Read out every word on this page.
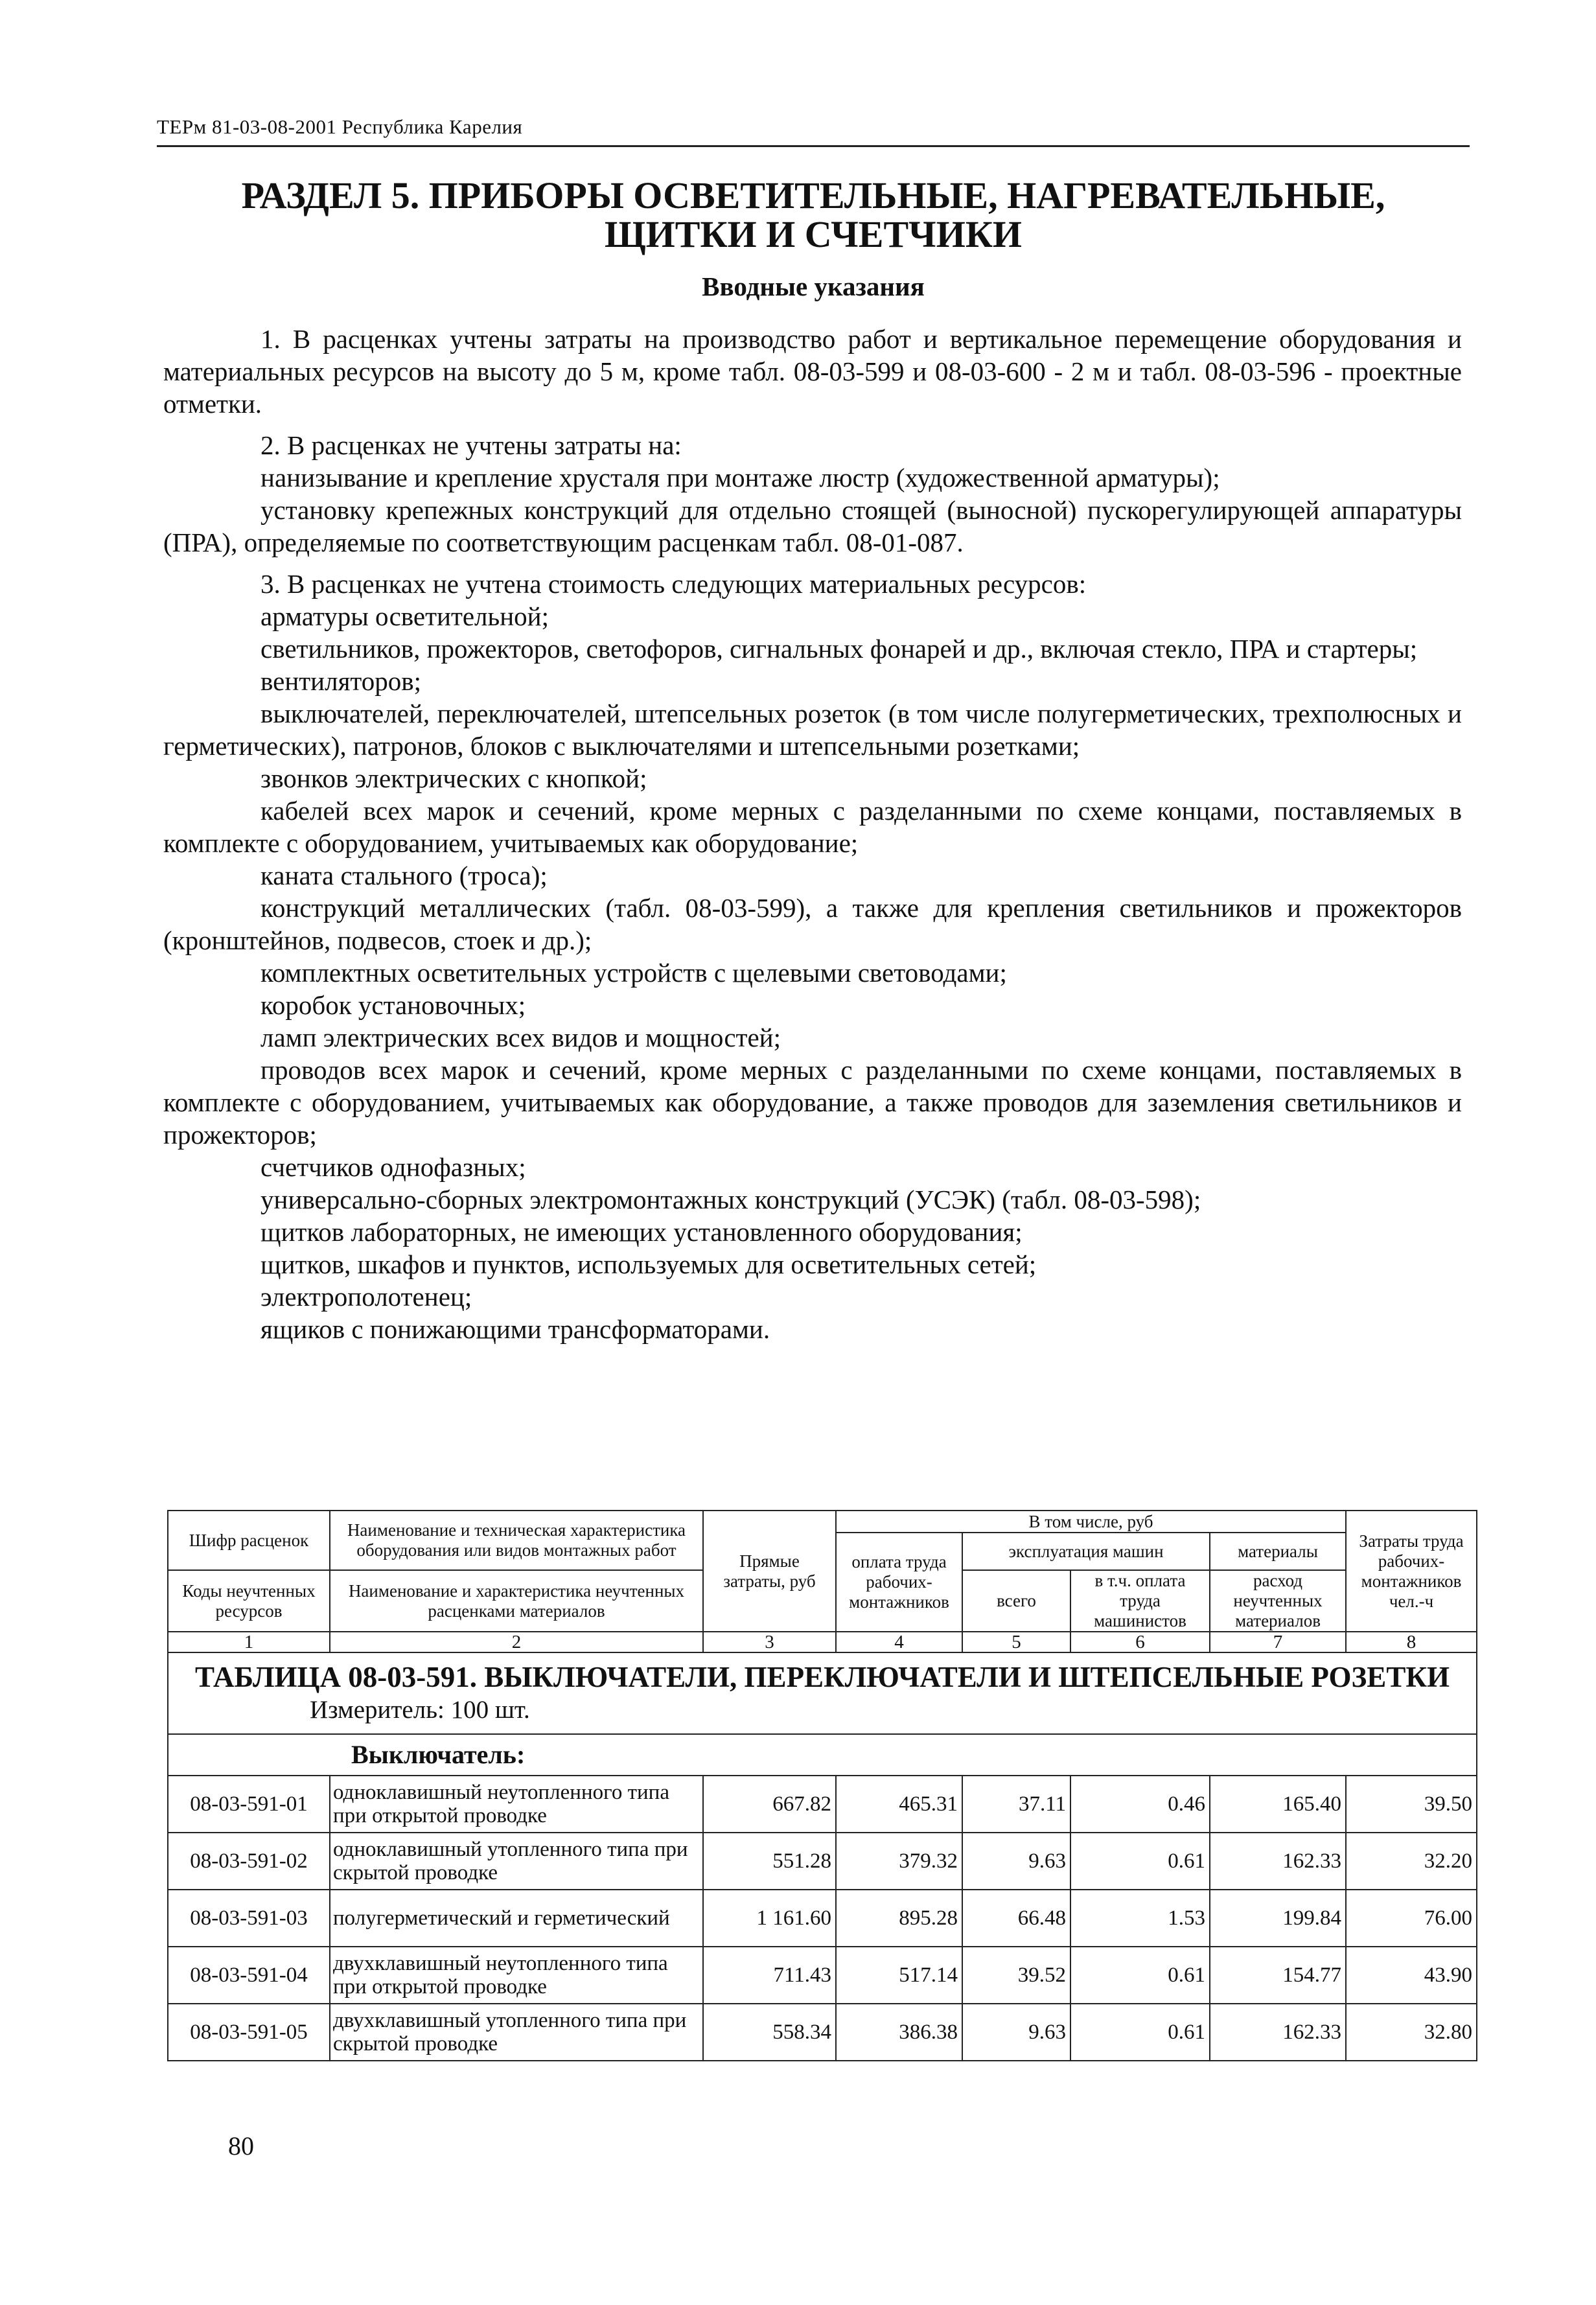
ТЕРм 81-03-08-2001 Республика Карелия
РАЗДЕЛ 5. ПРИБОРЫ ОСВЕТИТЕЛЬНЫЕ, НАГРЕВАТЕЛЬНЫЕ,
ЩИТКИ И СЧЕТЧИКИ
Вводные указания

1. В расценках учтены затраты на производство работ и вертикальное перемещение оборудования и материальных ресурсов на высоту до 5 м, кроме табл. 08-03-599 и 08-03-600 - 2 м и табл. 08-03-596 - проектные отметки.

2. В расценках не учтены затраты на:

нанизывание и крепление хрусталя при монтаже люстр (художественной арматуры);

установку крепежных конструкций для отдельно стоящей (выносной) пускорегулирующей аппаратуры (ПРА), определяемые по соответствующим расценкам табл. 08-01-087.

3. В расценках не учтена стоимость следующих материальных ресурсов:

арматуры осветительной;

светильников, прожекторов, светофоров, сигнальных фонарей и др., включая стекло, ПРА и стартеры;

вентиляторов;

выключателей, переключателей, штепсельных розеток (в том числе полугерметических, трехполюсных и герметических), патронов, блоков с выключателями и штепсельными розетками;

звонков электрических с кнопкой;

кабелей всех марок и сечений, кроме мерных с разделанными по схеме концами, поставляемых в комплекте с оборудованием, учитываемых как оборудование;

каната стального (троса);

конструкций металлических (табл. 08-03-599), а также для крепления светильников и прожекторов (кронштейнов, подвесов, стоек и др.);

комплектных осветительных устройств с щелевыми световодами;

коробок установочных;

ламп электрических всех видов и мощностей;

проводов всех марок и сечений, кроме мерных с разделанными по схеме концами, поставляемых в комплекте с оборудованием, учитываемых как оборудование, а также проводов для заземления светильников и прожекторов;

счетчиков однофазных;

универсально-сборных электромонтажных конструкций (УСЭК) (табл. 08-03-598);

щитков лабораторных, не имеющих установленного оборудования;

щитков, шкафов и пунктов, используемых для осветительных сетей;

электрополотенец;

ящиков с понижающими трансформаторами.

Шифр расценок	Наименование и техническая характеристика оборудования или видов монтажных работ	Прямые затраты, руб	В том числе, руб				Затраты труда рабочих-монтажников чел.-ч	
			оплата труда рабочих-монтажников	эксплуатация машин		материалы		
Коды неучтенных ресурсов	Наименование и характеристика неучтенных расценками материалов			всего	в т.ч. оплата труда машинистов	расход неучтенных материалов		

1	2	3	4	5	6	7	8	
ТАБЛИЦА 08-03-591. ВЫКЛЮЧАТЕЛИ, ПЕРЕКЛЮЧАТЕЛИ И ШТЕПСЕЛЬНЫЕ РОЗЕТКИ								
Измеритель: 100 шт.								
Выключатель:								
08-03-591-01	одноклавишный неутопленного типа при открытой проводке	667.82	465.31	37.11	0.46	165.40	39.50	
08-03-591-02	одноклавишный утопленного типа при скрытой проводке	551.28	379.32	9.63	0.61	162.33	32.20	
08-03-591-03	полугерметический и герметический	1 161.60	895.28	66.48	1.53	199.84	76.00	
08-03-591-04	двухклавишный неутопленного типа при открытой проводке	711.43	517.14	39.52	0.61	154.77	43.90	
08-03-591-05	двухклавишный утопленного типа при скрытой проводке	558.34	386.38	9.63	0.61	162.33	32.80	
80
